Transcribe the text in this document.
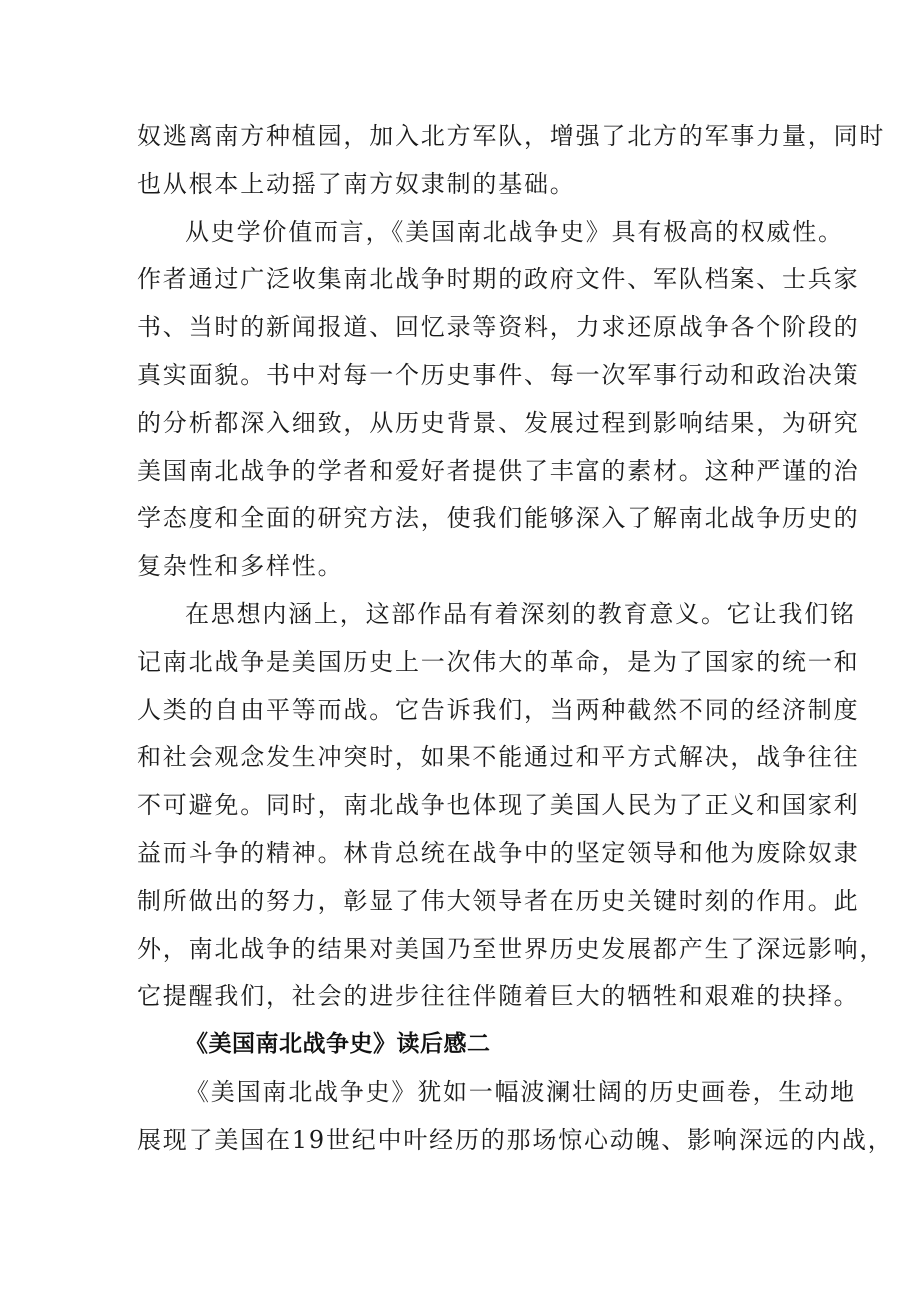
奴逃离南方种植园，加入北方军队，增强了北方的军事力量，同时
也从根本上动摇了南方奴隶制的基础。
从史学价值而言，《美国南北战争史》具有极高的权威性。
作者通过广泛收集南北战争时期的政府文件、军队档案、士兵家
书、当时的新闻报道、回忆录等资料，力求还原战争各个阶段的
真实面貌。书中对每一个历史事件、每一次军事行动和政治决策
的分析都深入细致，从历史背景、发展过程到影响结果，为研究
美国南北战争的学者和爱好者提供了丰富的素材。这种严谨的治
学态度和全面的研究方法，使我们能够深入了解南北战争历史的
复杂性和多样性。
在思想内涵上，这部作品有着深刻的教育意义。它让我们铭
记南北战争是美国历史上一次伟大的革命，是为了国家的统一和
人类的自由平等而战。它告诉我们，当两种截然不同的经济制度
和社会观念发生冲突时，如果不能通过和平方式解决，战争往往
不可避免。同时，南北战争也体现了美国人民为了正义和国家利
益而斗争的精神。林肯总统在战争中的坚定领导和他为废除奴隶
制所做出的努力，彰显了伟大领导者在历史关键时刻的作用。此
外，南北战争的结果对美国乃至世界历史发展都产生了深远影响，
它提醒我们，社会的进步往往伴随着巨大的牺牲和艰难的抉择。
《美国南北战争史》读后感二
《美国南北战争史》犹如一幅波澜壮阔的历史画卷，生动地
展现了美国在19世纪中叶经历的那场惊心动魄、影响深远的内战，
